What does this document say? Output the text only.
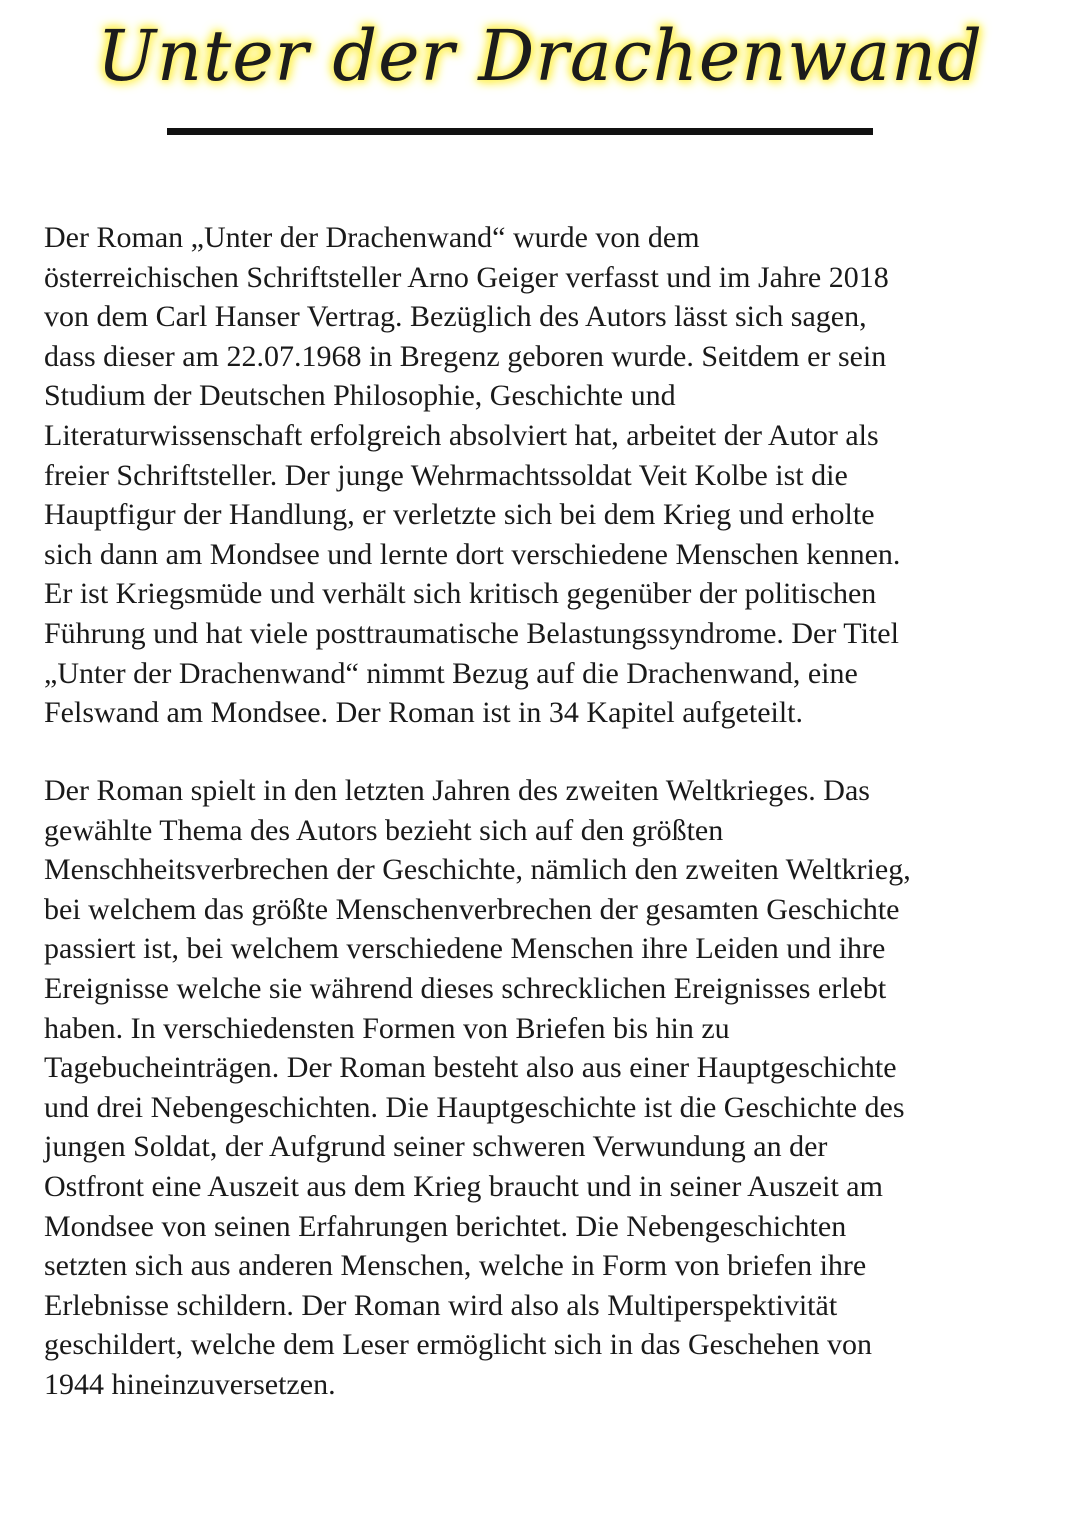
Unter der Drachenwand

Der Roman „Unter der Drachenwand“ wurde von dem
österreichischen Schriftsteller Arno Geiger verfasst und im Jahre 2018
von dem Carl Hanser Vertrag. Bezüglich des Autors lässt sich sagen,
dass dieser am 22.07.1968 in Bregenz geboren wurde. Seitdem er sein
Studium der Deutschen Philosophie, Geschichte und
Literaturwissenschaft erfolgreich absolviert hat, arbeitet der Autor als
freier Schriftsteller. Der junge Wehrmachtssoldat Veit Kolbe ist die
Hauptfigur der Handlung, er verletzte sich bei dem Krieg und erholte
sich dann am Mondsee und lernte dort verschiedene Menschen kennen.
Er ist Kriegsmüde und verhält sich kritisch gegenüber der politischen
Führung und hat viele posttraumatische Belastungssyndrome. Der Titel
„Unter der Drachenwand“ nimmt Bezug auf die Drachenwand, eine
Felswand am Mondsee. Der Roman ist in 34 Kapitel aufgeteilt.

Der Roman spielt in den letzten Jahren des zweiten Weltkrieges. Das
gewählte Thema des Autors bezieht sich auf den größten
Menschheitsverbrechen der Geschichte, nämlich den zweiten Weltkrieg,
bei welchem das größte Menschenverbrechen der gesamten Geschichte
passiert ist, bei welchem verschiedene Menschen ihre Leiden und ihre
Ereignisse welche sie während dieses schrecklichen Ereignisses erlebt
haben. In verschiedensten Formen von Briefen bis hin zu
Tagebucheinträgen. Der Roman besteht also aus einer Hauptgeschichte
und drei Nebengeschichten. Die Hauptgeschichte ist die Geschichte des
jungen Soldat, der Aufgrund seiner schweren Verwundung an der
Ostfront eine Auszeit aus dem Krieg braucht und in seiner Auszeit am
Mondsee von seinen Erfahrungen berichtet. Die Nebengeschichten
setzten sich aus anderen Menschen, welche in Form von briefen ihre
Erlebnisse schildern. Der Roman wird also als Multiperspektivität
geschildert, welche dem Leser ermöglicht sich in das Geschehen von
1944 hineinzuversetzen.
